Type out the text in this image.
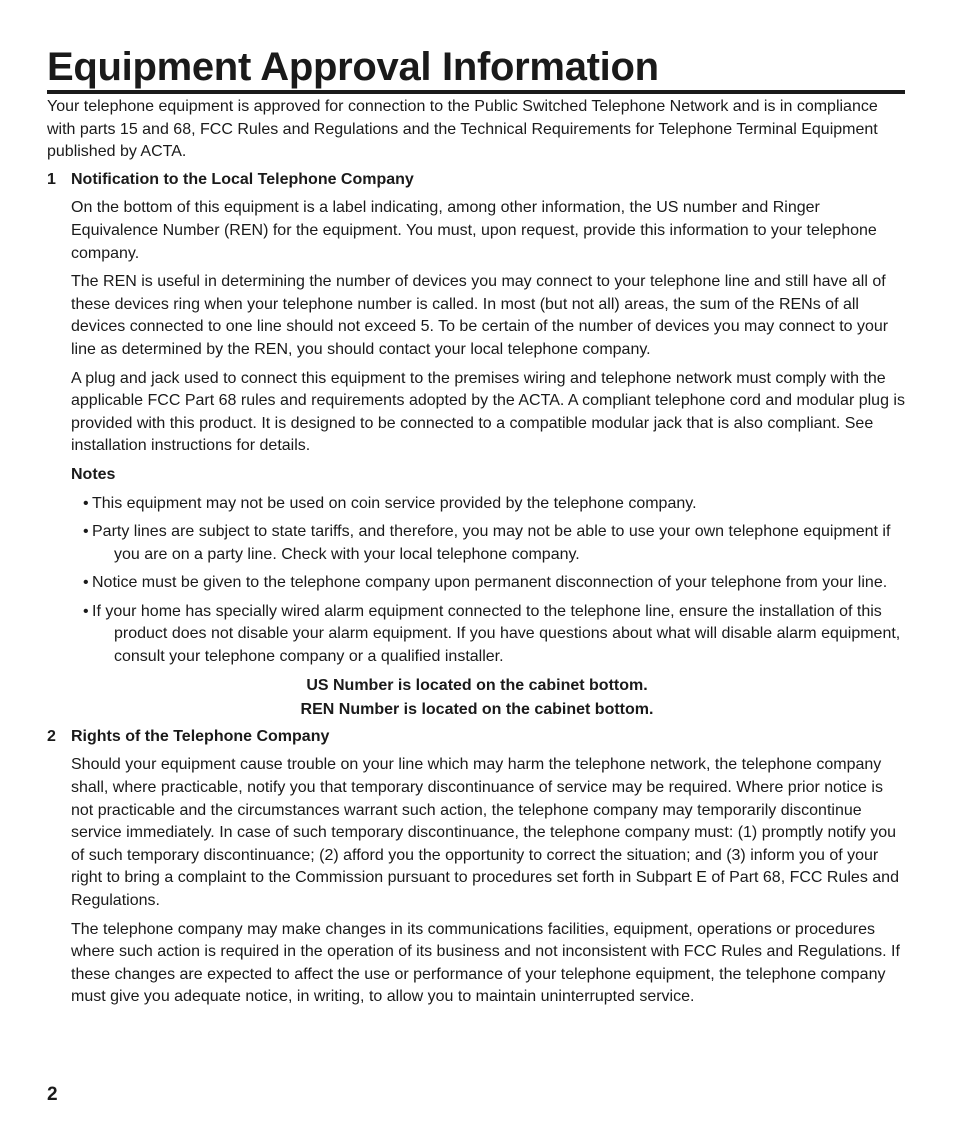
Equipment Approval Information

Your telephone equipment is approved for connection to the Public Switched Telephone Network and is in compliance with parts 15 and 68, FCC Rules and Regulations and the Technical Requirements for Telephone Terminal Equipment published by ACTA.

1 Notification to the Local Telephone Company

On the bottom of this equipment is a label indicating, among other information, the US number and Ringer Equivalence Number (REN) for the equipment. You must, upon request, provide this information to your telephone company.

The REN is useful in determining the number of devices you may connect to your telephone line and still have all of these devices ring when your telephone number is called. In most (but not all) areas, the sum of the RENs of all devices connected to one line should not exceed 5. To be certain of the number of devices you may connect to your line as determined by the REN, you should contact your local telephone company.

A plug and jack used to connect this equipment to the premises wiring and telephone network must comply with the applicable FCC Part 68 rules and requirements adopted by the ACTA. A compliant telephone cord and modular plug is provided with this product. It is designed to be connected to a compatible modular jack that is also compliant. See installation instructions for details.

Notes
• This equipment may not be used on coin service provided by the telephone company.
• Party lines are subject to state tariffs, and therefore, you may not be able to use your own telephone equipment if you are on a party line. Check with your local telephone company.
• Notice must be given to the telephone company upon permanent disconnection of your telephone from your line.
• If your home has specially wired alarm equipment connected to the telephone line, ensure the installation of this product does not disable your alarm equipment. If you have questions about what will disable alarm equipment, consult your telephone company or a qualified installer.

US Number is located on the cabinet bottom.

REN Number is located on the cabinet bottom.

2 Rights of the Telephone Company

Should your equipment cause trouble on your line which may harm the telephone network, the telephone company shall, where practicable, notify you that temporary discontinuance of service may be required. Where prior notice is not practicable and the circumstances warrant such action, the telephone company may temporarily discontinue service immediately. In case of such temporary discontinuance, the telephone company must: (1) promptly notify you of such temporary discontinuance; (2) afford you the opportunity to correct the situation; and (3) inform you of your right to bring a complaint to the Commission pursuant to procedures set forth in Subpart E of Part 68, FCC Rules and Regulations.

The telephone company may make changes in its communications facilities, equipment, operations or procedures where such action is required in the operation of its business and not inconsistent with FCC Rules and Regulations. If these changes are expected to affect the use or performance of your telephone equipment, the telephone company must give you adequate notice, in writing, to allow you to maintain uninterrupted service.

2
